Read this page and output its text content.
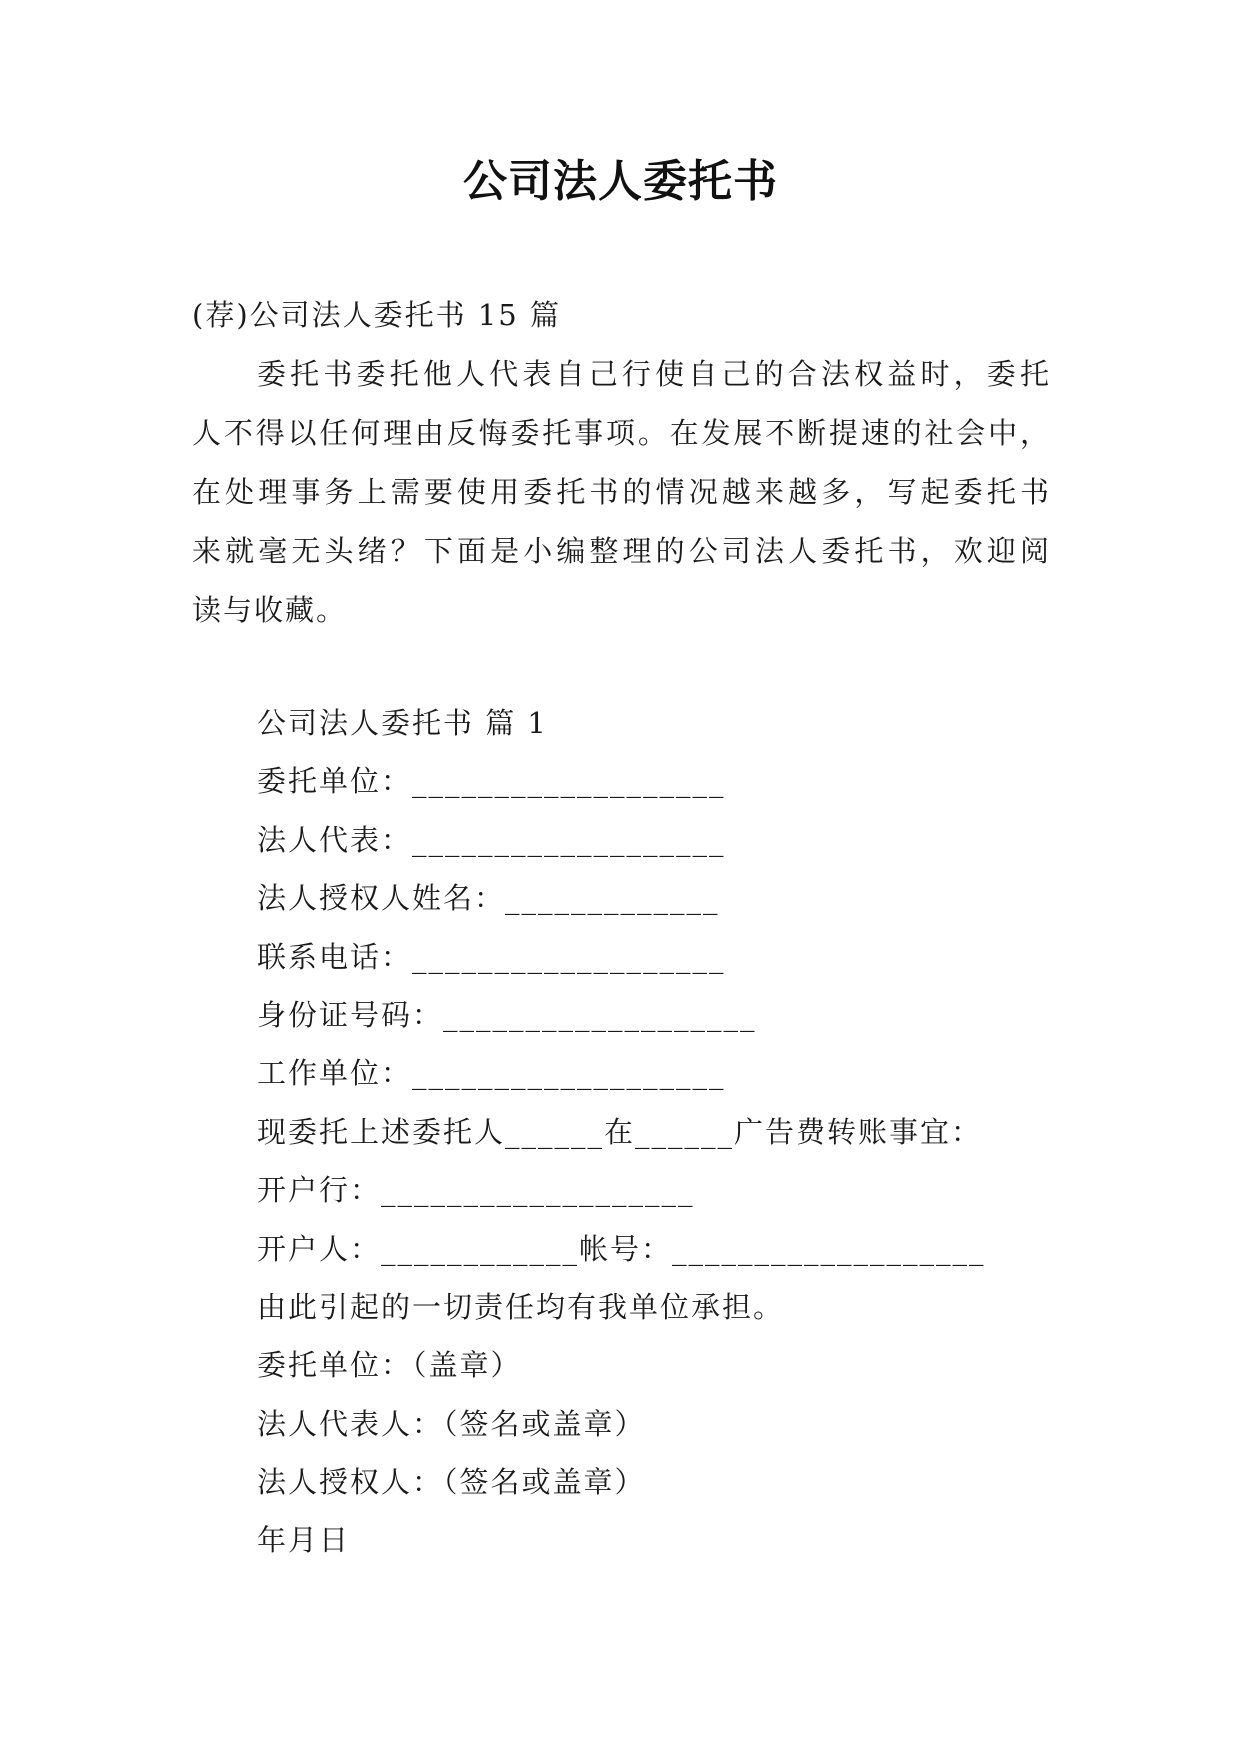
公司法人委托书
(荐)公司法人委托书 15 篇
委托书委托他人代表自己行使自己的合法权益时，委托
人不得以任何理由反悔委托事项。在发展不断提速的社会中，
在处理事务上需要使用委托书的情况越来越多，写起委托书
来就毫无头绪？下面是小编整理的公司法人委托书，欢迎阅
读与收藏。
公司法人委托书 篇 1
委托单位：___________________
法人代表：___________________
法人授权人姓名：_____________
联系电话：___________________
身份证号码：___________________
工作单位：___________________
现委托上述委托人______在______广告费转账事宜：
开户行：___________________
开户人：____________帐号：___________________
由此引起的一切责任均有我单位承担。
委托单位：（盖章）
法人代表人：（签名或盖章）
法人授权人：（签名或盖章）
年月日
